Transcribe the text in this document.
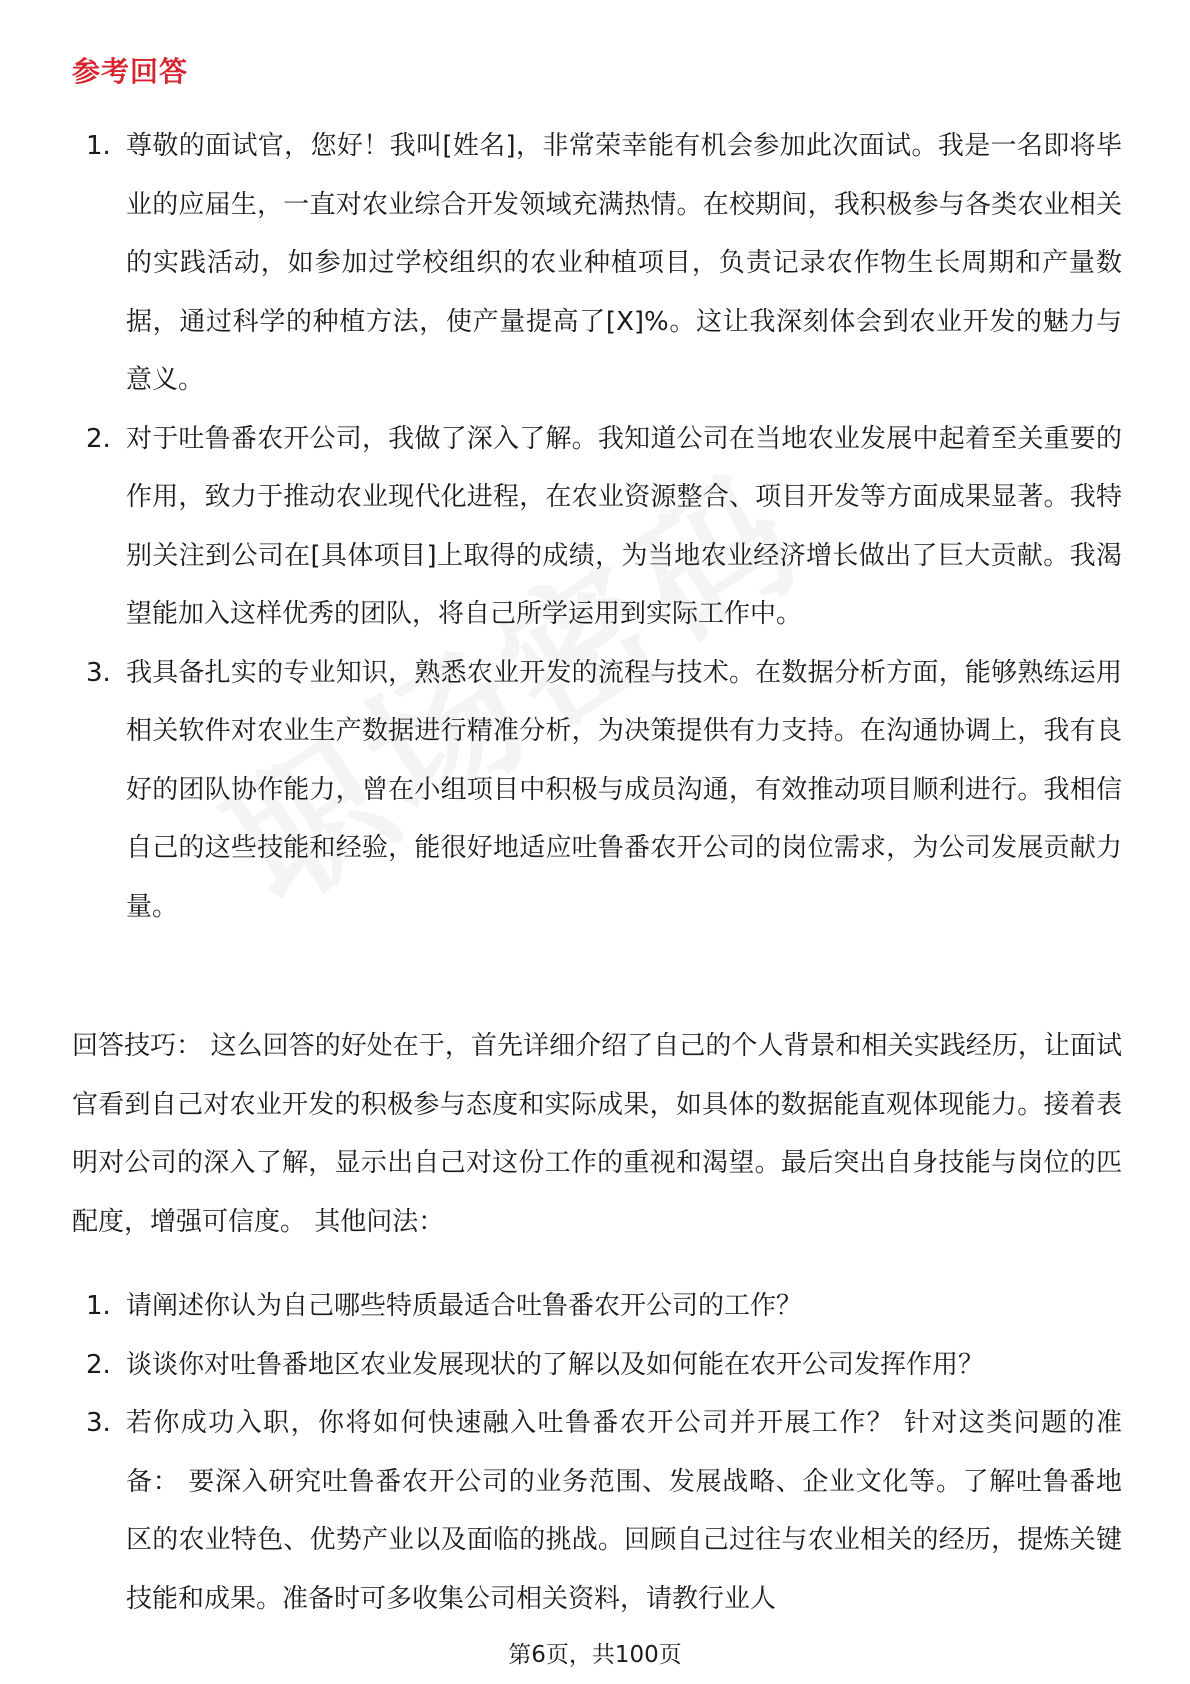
参考回答
1. 尊敬的面试官，您好！我叫[姓名]，非常荣幸能有机会参加此次面试。我是一名即将毕业的应届生，一直对农业综合开发领域充满热情。在校期间，我积极参与各类农业相关的实践活动，如参加过学校组织的农业种植项目，负责记录农作物生长周期和产量数据，通过科学的种植方法，使产量提高了[X]%。这让我深刻体会到农业开发的魅力与意义。
2. 对于吐鲁番农开公司，我做了深入了解。我知道公司在当地农业发展中起着至关重要的作用，致力于推动农业现代化进程，在农业资源整合、项目开发等方面成果显著。我特别关注到公司在[具体项目]上取得的成绩，为当地农业经济增长做出了巨大贡献。我渴望能加入这样优秀的团队，将自己所学运用到实际工作中。
3. 我具备扎实的专业知识，熟悉农业开发的流程与技术。在数据分析方面，能够熟练运用相关软件对农业生产数据进行精准分析，为决策提供有力支持。在沟通协调上，我有良好的团队协作能力，曾在小组项目中积极与成员沟通，有效推动项目顺利进行。我相信自己的这些技能和经验，能很好地适应吐鲁番农开公司的岗位需求，为公司发展贡献力量。

回答技巧： 这么回答的好处在于，首先详细介绍了自己的个人背景和相关实践经历，让面试官看到自己对农业开发的积极参与态度和实际成果，如具体的数据能直观体现能力。接着表明对公司的深入了解，显示出自己对这份工作的重视和渴望。最后突出自身技能与岗位的匹配度，增强可信度。 其他问法：

1. 请阐述你认为自己哪些特质最适合吐鲁番农开公司的工作？
2. 谈谈你对吐鲁番地区农业发展现状的了解以及如何能在农开公司发挥作用？
3. 若你成功入职，你将如何快速融入吐鲁番农开公司并开展工作？ 针对这类问题的准备： 要深入研究吐鲁番农开公司的业务范围、发展战略、企业文化等。了解吐鲁番地区的农业特色、优势产业以及面临的挑战。回顾自己过往与农业相关的经历，提炼关键技能和成果。准备时可多收集公司相关资料，请教行业人
第6页，共100页
